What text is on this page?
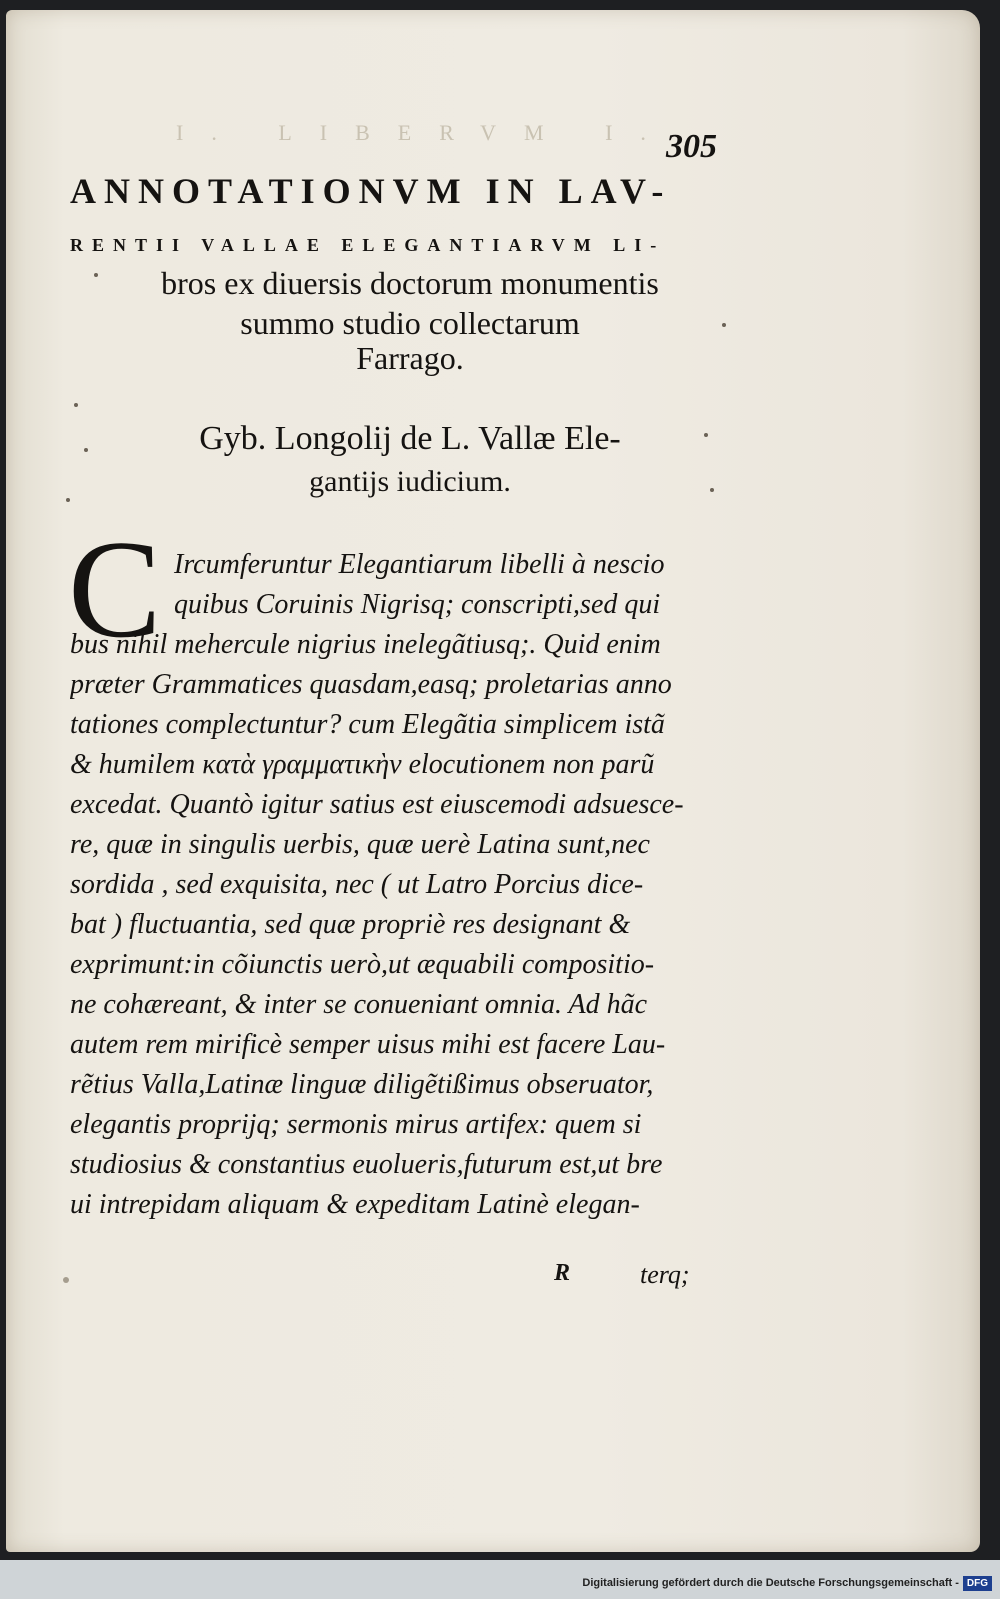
I. LIBERVM I.
305
ANNOTATIONVM IN LAV-
RENTII VALLAE ELEGANTIARVM LI-
bros ex diuersis doctorum monumentis
summo studio collectarum
Farrago.
Gyb. Longolij de L. Vallæ Ele-
gantijs iudicium.
C Ircumferuntur Elegantiarum libelli à nescio
quibus Coruinis Nigrisq; conscripti,sed qui
bus nihil mehercule nigrius inelegãtiusq;. Quid enim
præter Grammatices quasdam,easq; proletarias anno
tationes complectuntur? cum Elegãtia simplicem istã
& humilem κατὰ γραμματικὴν elocutionem non parũ
excedat. Quantò igitur satius est eiuscemodi adsuesce-
re, quæ in singulis uerbis, quæ uerè Latina sunt,nec
sordida , sed exquisita, nec ( ut Latro Porcius dice-
bat ) fluctuantia, sed quæ propriè res designant &
exprimunt:in cõiunctis uerò,ut æquabili compositio-
ne cohæreant, & inter se conueniant omnia. Ad hãc
autem rem mirificè semper uisus mihi est facere Lau-
rẽtius Valla,Latinæ linguæ diligẽtißimus obseruator,
elegantis proprijq; sermonis mirus artifex: quem si
studiosius & constantius euolueris,futurum est,ut bre
ui intrepidam aliquam & expeditam Latinè elegan-
R	terq;
Digitalisierung gefördert durch die Deutsche Forschungsgemeinschaft - DFG
